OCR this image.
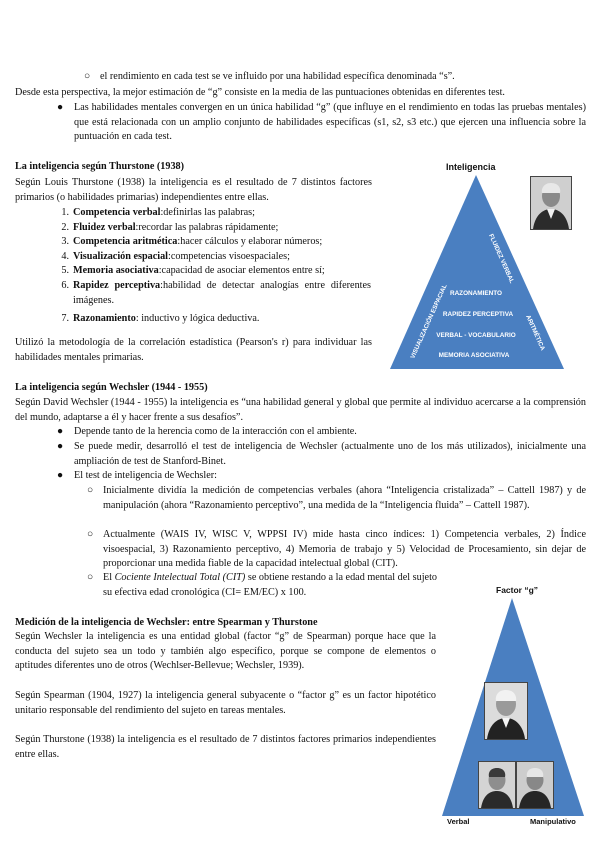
○ el rendimiento en cada test se ve influido por una habilidad específica denominada “s”.
Desde esta perspectiva, la mejor estimación de “g” consiste en la media de las puntuaciones obtenidas en diferentes test.
● Las habilidades mentales convergen en un única habilidad “g” (que influye en el rendimiento en todas las pruebas mentales) que está relacionada con un amplio conjunto de habilidades específicas (s1, s2, s3 etc.) que ejercen una influencia sobre la puntuación en cada test.
La inteligencia según Thurstone (1938)
Según Louis Thurstone (1938) la inteligencia es el resultado de 7 distintos factores primarios (o habilidades primarias) independientes entre ellas.
1. Competencia verbal:definirlas las palabras;
2. Fluidez verbal:recordar las palabras rápidamente;
3. Competencia aritmética:hacer cálculos y elaborar números;
4. Visualización espacial:competencias visoespaciales;
5. Memoria asociativa:capacidad de asociar elementos entre sí;
6. Rapidez perceptiva:habilidad de detectar analogías entre diferentes imágenes.
7. Razonamiento: inductivo y lógica deductiva.
Utilizó la metodología de la correlación estadística (Pearson's r) para individuar las habilidades mentales primarias.
Inteligencia
VISUALIZACIÓN ESPACIAL
FLUIDEZ VERBAL
ARITMÉTICA
RAZONAMIENTO
RAPIDEZ PERCEPTIVA
VERBAL - VOCABULARIO
MEMORIA ASOCIATIVA
La inteligencia según Wechsler (1944 - 1955)
Según David Wechsler (1944 - 1955) la inteligencia es “una habilidad general y global que permite al individuo acercarse a la comprensión del mundo, adaptarse a él y hacer frente a sus desafíos”.
● Depende tanto de la herencia como de la interacción con el ambiente.
● Se puede medir, desarrolló el test de inteligencia de Wechsler (actualmente uno de los más utilizados), inicialmente una ampliación de test de Stanford-Binet.
● El test de inteligencia de Wechsler:
○ Inicialmente dividía la medición de competencias verbales (ahora “Inteligencia cristalizada” – Cattell 1987) y de manipulación (ahora “Razonamiento perceptivo”, una medida de la “Inteligencia fluida” – Cattell 1987).
○ Actualmente (WAIS IV, WISC V, WPPSI IV) mide hasta cinco índices: 1) Competencia verbales, 2) Índice visoespacial, 3) Razonamiento perceptivo, 4) Memoria de trabajo y 5) Velocidad de Procesamiento, sin dejar de proporcionar una medida fiable de la capacidad intelectual global (CIT).
○ El Cociente Intelectual Total (CIT) se obtiene restando a la edad mental del sujeto su efectiva edad cronológica (CI= EM/EC) x 100.
Medición de la inteligencia de Wechsler: entre Spearman y Thurstone
Según Wechsler la inteligencia es una entidad global (factor “g” de Spearman) porque hace que la conducta del sujeto sea un todo y también algo específico, porque se compone de elementos o aptitudes diferentes uno de otros (Wechlser-Bellevue; Wechsler, 1939).
Según Spearman (1904, 1927) la inteligencia general subyacente o “factor g” es un factor hipotético unitario responsable del rendimiento del sujeto en tareas mentales.
Según Thurstone (1938) la inteligencia es el resultado de 7 distintos factores primarios independientes entre ellas.
Factor “g”
Verbal	Manipulativo
